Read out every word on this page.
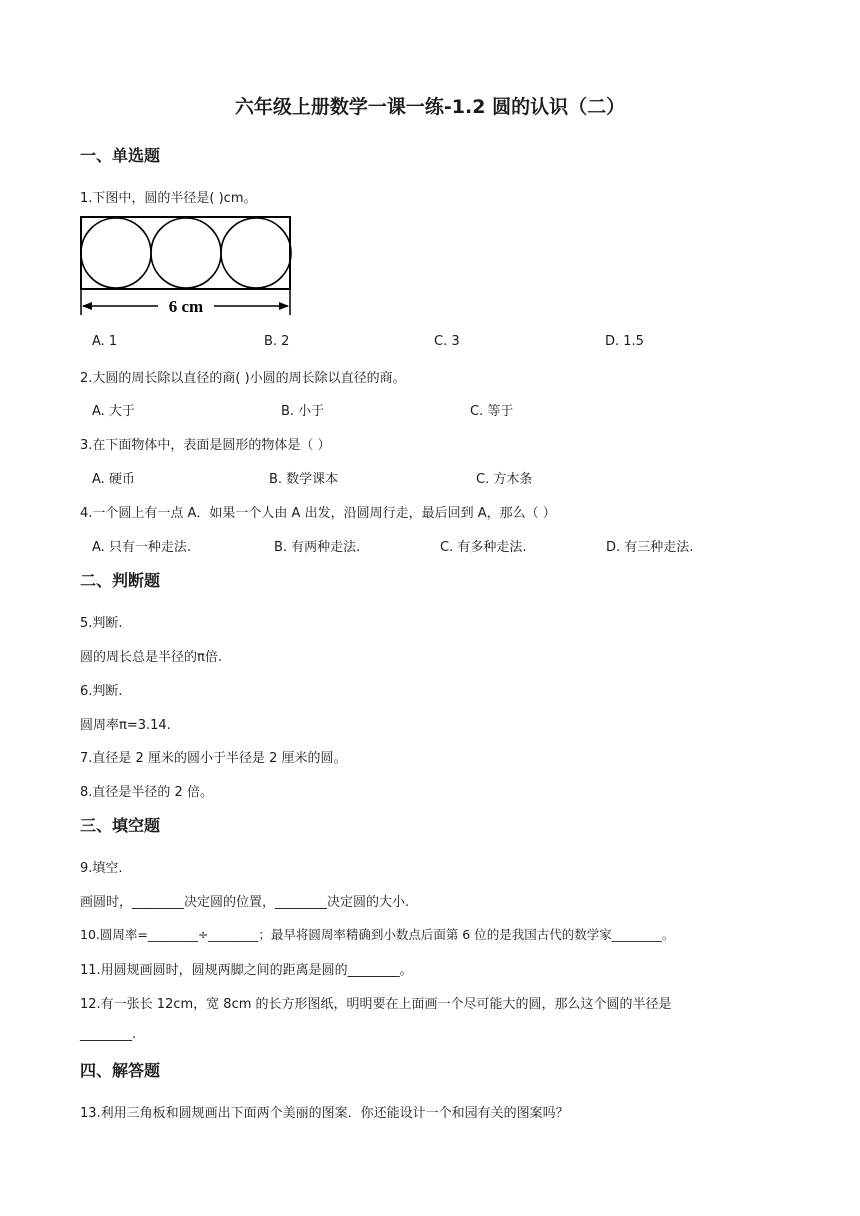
六年级上册数学一课一练-1.2 圆的认识（二）
一、单选题
1.下图中，圆的半径是( )cm。
6 cm
A. 1	B. 2	C. 3	D. 1.5
2.大圆的周长除以直径的商( )小圆的周长除以直径的商。
A. 大于	B. 小于	C. 等于
3.在下面物体中，表面是圆形的物体是（ ）
A. 硬币	B. 数学课本	C. 方木条
4.一个圆上有一点 A．如果一个人由 A 出发，沿圆周行走，最后回到 A，那么（ ）
A. 只有一种走法.	B. 有两种走法.	C. 有多种走法.	D. 有三种走法.
二、判断题
5.判断.
圆的周长总是半径的π倍.
6.判断.
圆周率π=3.14.
7.直径是 2 厘米的圆小于半径是 2 厘米的圆。
8.直径是半径的 2 倍。
三、填空题
9.填空.
画圆时，________决定圆的位置，________决定圆的大小.
10.圆周率=________÷________；最早将圆周率精确到小数点后面第 6 位的是我国古代的数学家________。
11.用圆规画圆时，圆规两脚之间的距离是圆的________。
12.有一张长 12cm，宽 8cm 的长方形图纸，明明要在上面画一个尽可能大的圆，那么这个圆的半径是
________.
四、解答题
13.利用三角板和圆规画出下面两个美丽的图案．你还能设计一个和园有关的图案吗？
